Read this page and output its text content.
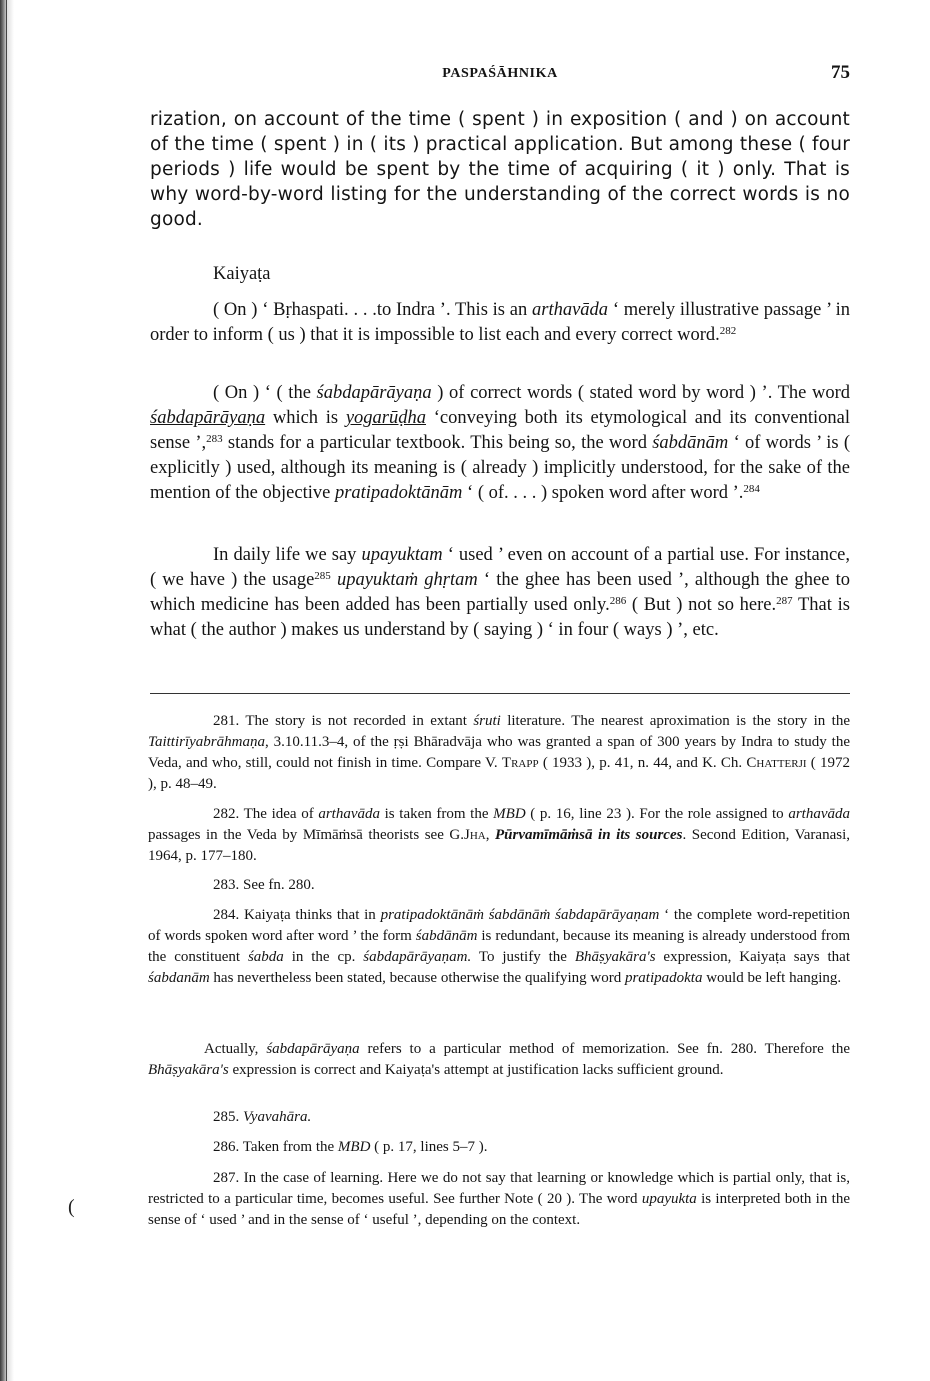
PASPAŚĀHNIKA	75

rization, on account of the time ( spent ) in exposition ( and ) on account of the time ( spent ) in ( its ) practical application. But among these ( four periods ) life would be spent by the time of acquiring ( it ) only. That is why word-by-word listing for the understanding of the correct words is no good.

Kaiyaṭa

( On ) ‘ Bṛhaspati. . . .to Indra ’. This is an arthavāda ‘ merely illustrative passage ’ in order to inform ( us ) that it is impossible to list each and every correct word.$^{282}$

( On ) ‘ ( the śabdapārāyaṇa ) of correct words ( stated word by word ) ’. The word śabdapārāyaṇa which is yogarūḍha ‘conveying both its etymological and its conventional sense ’,$^{283}$ stands for a particular textbook. This being so, the word śabdānām ‘ of words ’ is ( explicitly ) used, although its meaning is ( already ) implicitly understood, for the sake of the mention of the objective pratipadoktānām ‘ ( of. . . . ) spoken word after word ’.$^{284}$

In daily life we say upayuktam ‘ used ’ even on account of a partial use. For instance, ( we have ) the usage$^{285}$ upayuktaṁ ghṛtam ‘ the ghee has been used ’, although the ghee to which medicine has been added has been partially used only.$^{286}$ ( But ) not so here.$^{287}$ That is what ( the author ) makes us understand by ( saying ) ‘ in four ( ways ) ’, etc.

281. The story is not recorded in extant śruti literature. The nearest aproximation is the story in the Taittirīyabrāhmaṇa, 3.10.11.3–4, of the ṛṣi Bhāradvāja who was granted a span of 300 years by Indra to study the Veda, and who, still, could not finish in time. Compare V. Trapp ( 1933 ), p. 41, n. 44, and K. Ch. Chatterji ( 1972 ), p. 48–49.

282. The idea of arthavāda is taken from the MBD ( p. 16, line 23 ). For the role assigned to arthavāda passages in the Veda by Mīmāṁsā theorists see G.Jha, Pūrvamīmāṁsā in its sources. Second Edition, Varanasi, 1964, p. 177–180.

283. See fn. 280.

284. Kaiyaṭa thinks that in pratipadoktānāṁ śabdānāṁ śabdapārāyaṇam ‘ the complete word-repetition of words spoken word after word ’ the form śabdānām is redundant, because its meaning is already understood from the constituent śabda in the cp. śabdapārāyaṇam. To justify the Bhāṣyakāra's expression, Kaiyaṭa says that śabdanām has nevertheless been stated, because otherwise the qualifying word pratipadokta would be left hanging.

Actually, śabdapārāyaṇa refers to a particular method of memorization. See fn. 280. Therefore the Bhāṣyakāra's expression is correct and Kaiyaṭa's attempt at justification lacks sufficient ground.

285. Vyavahāra.

286. Taken from the MBD ( p. 17, lines 5–7 ).

287. In the case of learning. Here we do not say that learning or knowledge which is partial only, that is, restricted to a particular time, becomes useful. See further Note ( 20 ). The word upayukta is interpreted both in the sense of ‘ used ’ and in the sense of ‘ useful ’, depending on the context.

(
